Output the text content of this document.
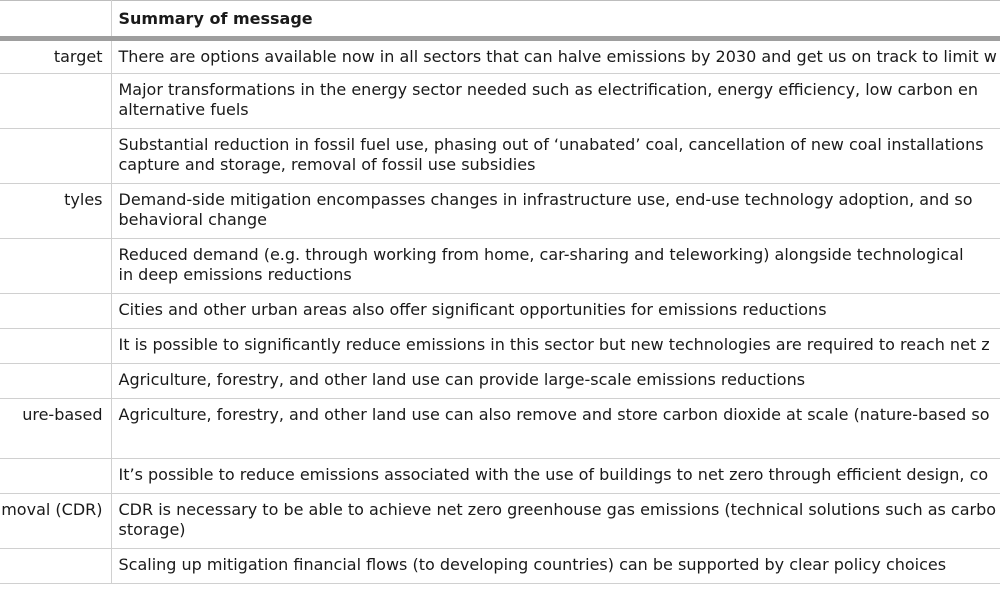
	Summary of message

target	There are options available now in all sectors that can halve emissions by 2030 and get us on track to limit w

	Major transformations in the energy sector needed such as electrification, energy efficiency, low carbon en
alternative fuels

	Substantial reduction in fossil fuel use, phasing out of ‘unabated’ coal, cancellation of new coal installations
capture and storage, removal of fossil use subsidies

tyles	Demand-side mitigation encompasses changes in infrastructure use, end-use technology adoption, and so
behavioral change

	Reduced demand (e.g. through working from home, car-sharing and teleworking) alongside technological
in deep emissions reductions

	Cities and other urban areas also offer significant opportunities for emissions reductions

	It is possible to significantly reduce emissions in this sector but new technologies are required to reach net z

	Agriculture, forestry, and other land use can provide large-scale emissions reductions

ure-based	Agriculture, forestry, and other land use can also remove and store carbon dioxide at scale (nature-based so

	It’s possible to reduce emissions associated with the use of buildings to net zero through efficient design, co

moval (CDR)	CDR is necessary to be able to achieve net zero greenhouse gas emissions (technical solutions such as carbo
storage)

	Scaling up mitigation financial flows (to developing countries) can be supported by clear policy choices
